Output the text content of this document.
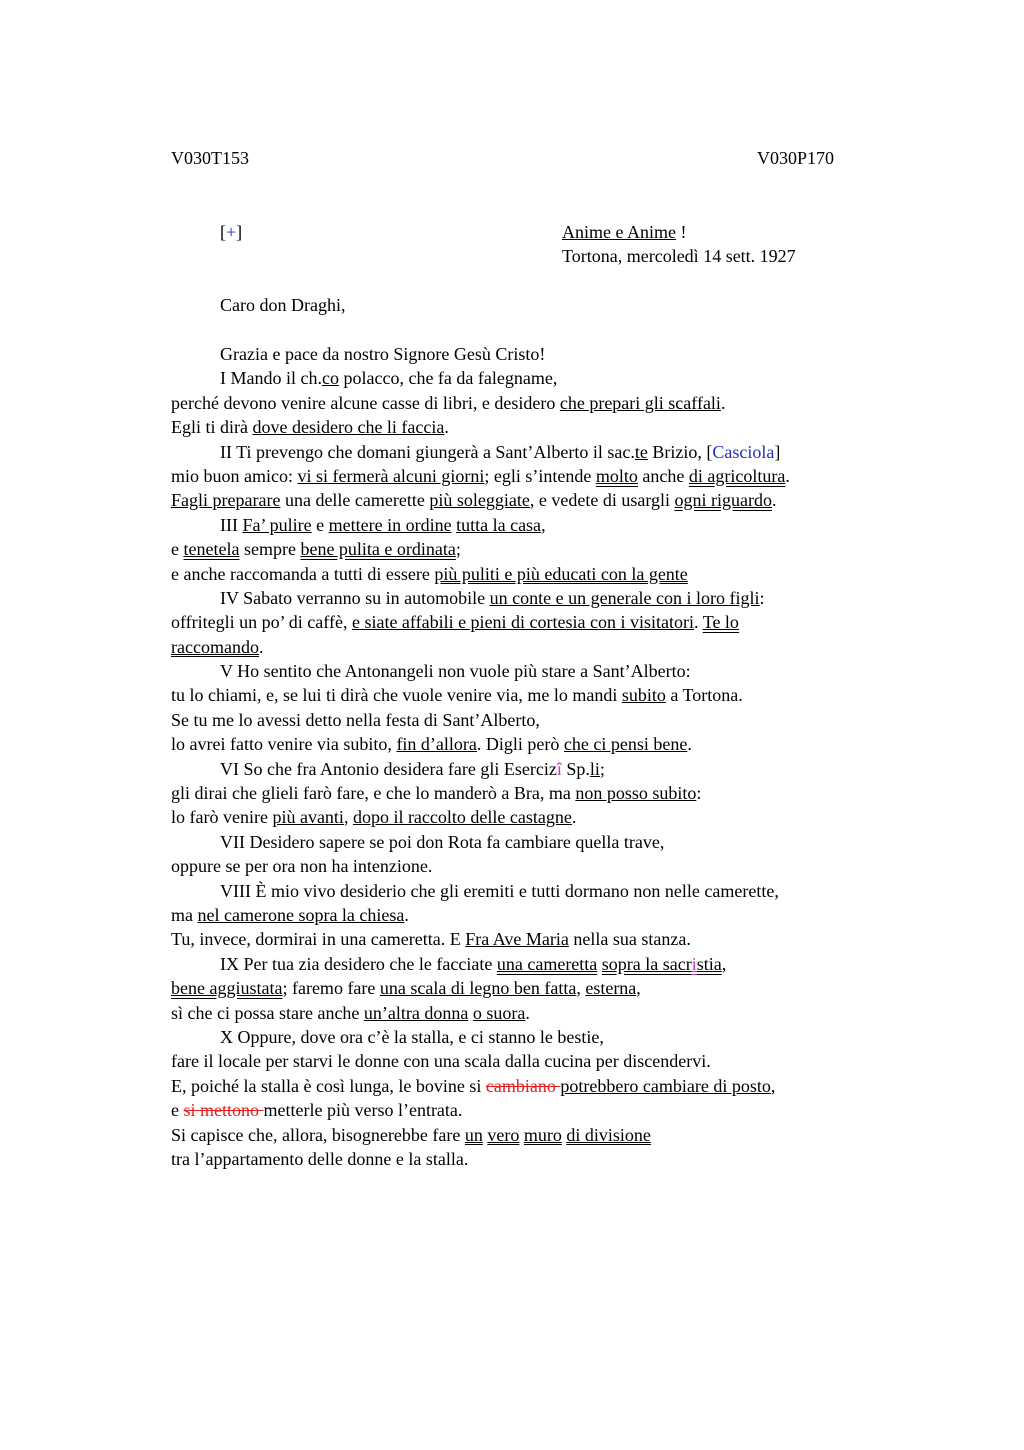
V030T153	V030P170
[+]	Anime e Anime !
Tortona, mercoledì 14 sett. 1927
Caro don Draghi,
Grazia e pace da nostro Signore Gesù Cristo!
I Mando il ch.co polacco, che fa da falegname,
perché devono venire alcune casse di libri, e desidero che prepari gli scaffali.
Egli ti dirà dove desidero che li faccia.
II Ti prevengo che domani giungerà a Sant’Alberto il sac.te Brizio, [Casciola]
mio buon amico: vi si fermerà alcuni giorni; egli s’intende molto anche di agricoltura.
Fagli preparare una delle camerette più soleggiate, e vedete di usargli ogni riguardo.
III Fa’ pulire e mettere in ordine tutta la casa,
e tenetela sempre bene pulita e ordinata;
e anche raccomanda a tutti di essere più puliti e più educati con la gente
IV Sabato verranno su in automobile un conte e un generale con i loro figli:
offritegli un po’ di caffè, e siate affabili e pieni di cortesia con i visitatori. Te lo
raccomando.
V Ho sentito che Antonangeli non vuole più stare a Sant’Alberto:
tu lo chiami, e, se lui ti dirà che vuole venire via, me lo mandi subito a Tortona.
Se tu me lo avessi detto nella festa di Sant’Alberto,
lo avrei fatto venire via subito, fin d’allora. Digli però che ci pensi bene.
VI So che fra Antonio desidera fare gli Esercizî Sp.li;
gli dirai che glieli farò fare, e che lo manderò a Bra, ma non posso subito:
lo farò venire più avanti, dopo il raccolto delle castagne.
VII Desidero sapere se poi don Rota fa cambiare quella trave,
oppure se per ora non ha intenzione.
VIII È mio vivo desiderio che gli eremiti e tutti dormano non nelle camerette,
ma nel camerone sopra la chiesa.
Tu, invece, dormirai in una cameretta. E Fra Ave Maria nella sua stanza.
IX Per tua zia desidero che le facciate una cameretta sopra la sacristia,
bene aggiustata; faremo fare una scala di legno ben fatta, esterna,
sì che ci possa stare anche un’altra donna o suora.
X Oppure, dove ora c’è la stalla, e ci stanno le bestie,
fare il locale per starvi le donne con una scala dalla cucina per discendervi.
E, poiché la stalla è così lunga, le bovine si cambiano potrebbero cambiare di posto,
e si mettono metterle più verso l’entrata.
Si capisce che, allora, bisognerebbe fare un vero muro di divisione
tra l’appartamento delle donne e la stalla.
